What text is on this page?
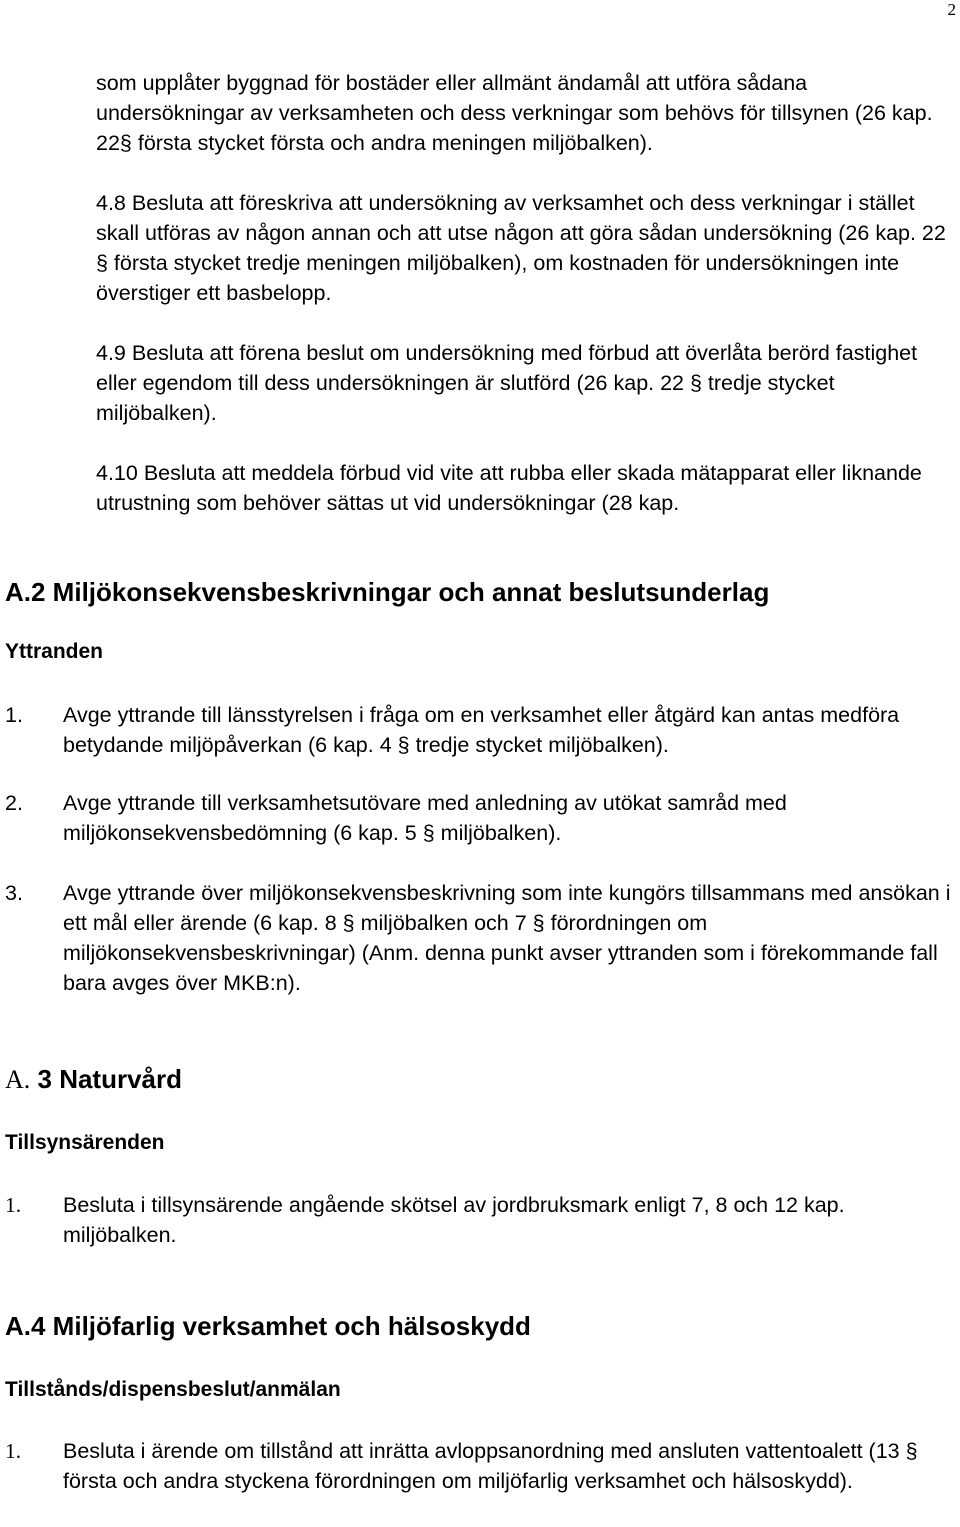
2

som upplåter byggnad för bostäder eller allmänt ändamål att utföra sådana undersökningar av verksamheten och dess verkningar som behövs för tillsynen (26 kap. 22§ första stycket första och andra meningen miljöbalken).

4.8 Besluta att föreskriva att undersökning av verksamhet och dess verkningar i stället skall utföras av någon annan och att utse någon att göra sådan undersökning (26 kap. 22 § första stycket tredje meningen miljöbalken), om kostnaden för undersökningen inte överstiger ett basbelopp.

4.9 Besluta att förena beslut om undersökning med förbud att överlåta berörd fastighet eller egendom till dess undersökningen är slutförd (26 kap. 22 § tredje stycket miljöbalken).

4.10 Besluta att meddela förbud vid vite att rubba eller skada mätapparat eller liknande utrustning som behöver sättas ut vid undersökningar (28 kap.

A.2 Miljökonsekvensbeskrivningar och annat beslutsunderlag
Yttranden
1. Avge yttrande till länsstyrelsen i fråga om en verksamhet eller åtgärd kan antas medföra betydande miljöpåverkan (6 kap. 4 § tredje stycket miljöbalken).
2. Avge yttrande till verksamhetsutövare med anledning av utökat samråd med miljökonsekvensbedömning (6 kap. 5 § miljöbalken).
3. Avge yttrande över miljökonsekvensbeskrivning som inte kungörs tillsammans med ansökan i ett mål eller ärende (6 kap. 8 § miljöbalken och 7 § förordningen om miljökonsekvensbeskrivningar) (Anm. denna punkt avser yttranden som i förekommande fall bara avges över MKB:n).
A. 3 Naturvård
Tillsynsärenden
1. Besluta i tillsynsärende angående skötsel av jordbruksmark enligt 7, 8 och 12 kap. miljöbalken.
A.4 Miljöfarlig verksamhet och hälsoskydd
Tillstånds/dispensbeslut/anmälan
1. Besluta i ärende om tillstånd att inrätta avloppsanordning med ansluten vattentoalett (13 § första och andra styckena förordningen om miljöfarlig verksamhet och hälsoskydd).
